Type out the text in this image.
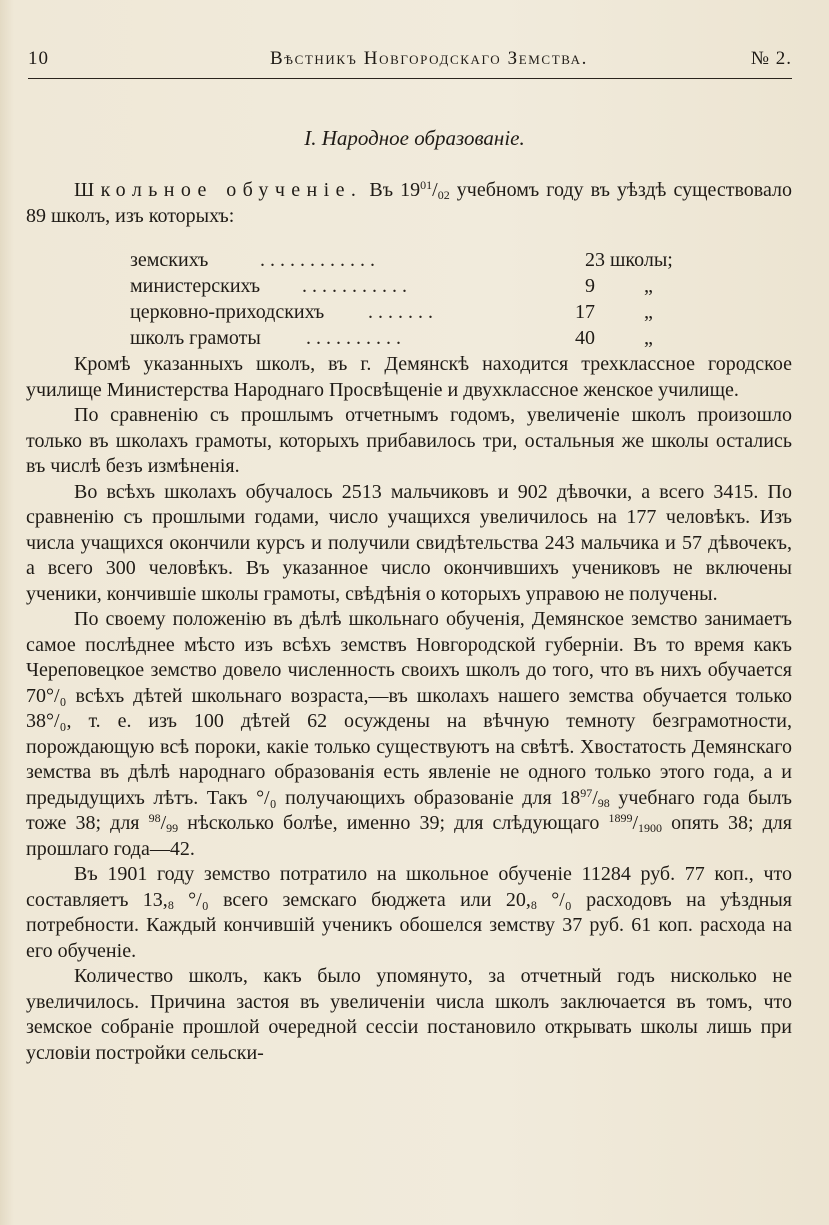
10	Вѣстникъ Новгородскаго Земства.	№ 2.
I. Народное образованіе.

Школьное обученіе. Въ $19^{01}/_{02}$ учебномъ году въ уѣздѣ существовало 89 школъ, изъ которыхъ:

земскихъ	. . . . . . . . . . . .	23 школы;
министерскихъ . . . . . . . . . . .	9 „
церковно-приходскихъ . . . . . . .	17 „
школъ грамоты . . . . . . . . . .	40 „

Кромѣ указанныхъ школъ, въ г. Демянскѣ находится трехклассное городское училище Министерства Народнаго Просвѣщеніе и двухклассное женское училище.

По сравненію съ прошлымъ отчетнымъ годомъ, увеличеніе школъ произошло только въ школахъ грамоты, которыхъ прибавилось три, остальныя же школы остались въ числѣ безъ измѣненія.

Во всѣхъ школахъ обучалось 2513 мальчиковъ и 902 дѣвочки, а всего 3415. По сравненію съ прошлыми годами, число учащихся увеличилось на 177 человѣкъ. Изъ числа учащихся окончили курсъ и получили свидѣтельства 243 мальчика и 57 дѣвочекъ, а всего 300 человѣкъ. Въ указанное число окончившихъ учениковъ не включены ученики, кончившіе школы грамоты, свѣдѣнія о которыхъ управою не получены.

По своему положенію въ дѣлѣ школьнаго обученія, Демянское земство занимаетъ самое послѣднее мѣсто изъ всѣхъ земствъ Новгородской губерніи. Въ то время какъ Череповецкое земство довело численность своихъ школъ до того, что въ нихъ обучается 70°/₀ всѣхъ дѣтей школьнаго возраста,—въ школахъ нашего земства обучается только 38°/₀, т. е. изъ 100 дѣтей 62 осуждены на вѣчную темноту безграмотности, порождающую всѣ пороки, какіе только существуютъ на свѣтѣ. Хвостатость Демянскаго земства въ дѣлѣ народнаго образованія есть явленіе не одного только этого года, а и предыдущихъ лѣтъ. Такъ °/₀ получающихъ образованіе для $18^{97}/_{98}$ учебнаго года былъ тоже 38; для $^{98}/_{99}$ нѣсколько болѣе, именно 39; для слѣдующаго $^{1899}/_{1900}$ опять 38; для прошлаго года—42.

Въ 1901 году земство потратило на школьное обученіе 11284 руб. 77 коп., что составляетъ $13,_8$ °/₀ всего земскаго бюджета или $20,_8$ °/₀ расходовъ на уѣздныя потребности. Каждый кончившій ученикъ обошелся земству 37 руб. 61 коп. расхода на его обученіе.

Количество школъ, какъ было упомянуто, за отчетный годъ нисколько не увеличилось. Причина застоя въ увеличеніи числа школъ заключается въ томъ, что земское собраніе прошлой очередной сессіи постановило открывать школы лишь при условіи постройки сельски-
